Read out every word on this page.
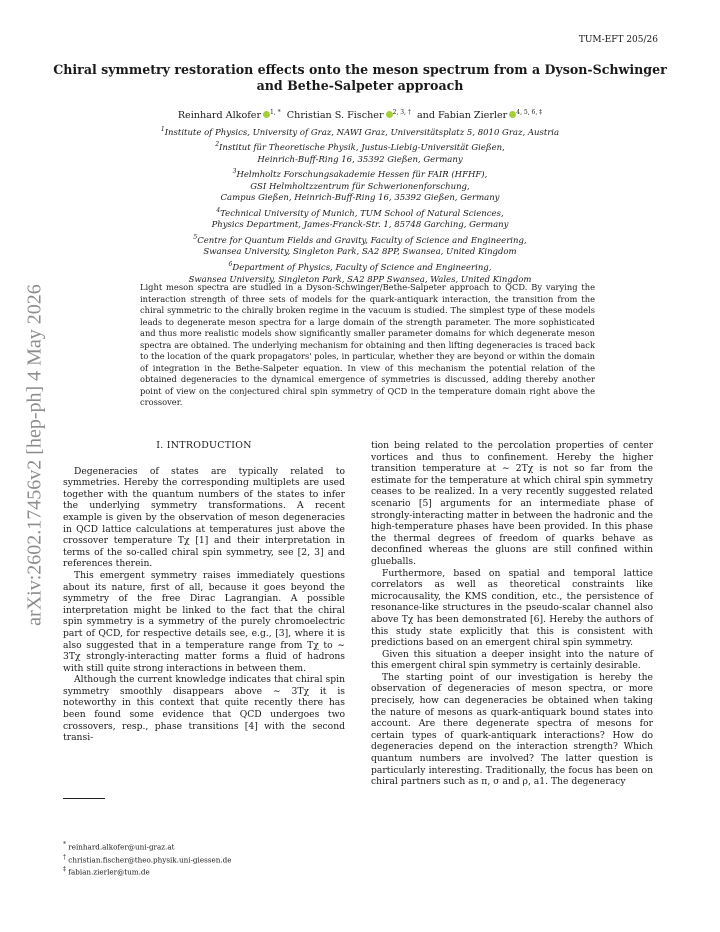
TUM-EFT 205/26
Chiral symmetry restoration effects onto the meson spectrum from a Dyson-Schwinger
and Bethe-Salpeter approach
Reinhard Alkofer $^{1, *}$ Christian S. Fischer $^{2, 3, \dagger}$ and Fabian Zierler $^{4, 5, 6, \ddagger}$
$^1$Institute of Physics, University of Graz, NAWI Graz, Universitätsplatz 5, 8010 Graz, Austria
$^2$Institut für Theoretische Physik, Justus-Liebig-Universität Gießen,
Heinrich-Buff-Ring 16, 35392 Gießen, Germany
$^3$Helmholtz Forschungsakademie Hessen für FAIR (HFHF),
GSI Helmholtzzentrum für Schwerionenforschung,
Campus Gießen, Heinrich-Buff-Ring 16, 35392 Gießen, Germany
$^4$Technical University of Munich, TUM School of Natural Sciences,
Physics Department, James-Franck-Str. 1, 85748 Garching, Germany
$^5$Centre for Quantum Fields and Gravity, Faculty of Science and Engineering,
Swansea University, Singleton Park, SA2 8PP, Swansea, United Kingdom
$^6$Department of Physics, Faculty of Science and Engineering,
Swansea University, Singleton Park, SA2 8PP Swansea, Wales, United Kingdom
Light meson spectra are studied in a Dyson-Schwinger/Bethe-Salpeter approach to QCD. By varying the interaction strength of three sets of models for the quark-antiquark interaction, the transition from the chiral symmetric to the chirally broken regime in the vacuum is studied. The simplest type of these models leads to degenerate meson spectra for a large domain of the strength parameter. The more sophisticated and thus more realistic models show significantly smaller parameter domains for which degenerate meson spectra are obtained. The underlying mechanism for obtaining and then lifting degeneracies is traced back to the location of the quark propagators' poles, in particular, whether they are beyond or within the domain of integration in the Bethe-Salpeter equation. In view of this mechanism the potential relation of the obtained degeneracies to the dynamical emergence of symmetries is discussed, adding thereby another point of view on the conjectured chiral spin symmetry of QCD in the temperature domain right above the crossover.
arXiv:2602.17456v2 [hep-ph] 4 May 2026	I. INTRODUCTION

Degeneracies of states are typically related to symmetries. Hereby the corresponding multiplets are used together with the quantum numbers of the states to infer the underlying symmetry transformations. A recent example is given by the observation of meson degeneracies in QCD lattice calculations at temperatures just above the crossover temperature Tχ [1] and their interpretation in terms of the so-called chiral spin symmetry, see [2, 3] and references therein.

This emergent symmetry raises immediately questions about its nature, first of all, because it goes beyond the symmetry of the free Dirac Lagrangian. A possible interpretation might be linked to the fact that the chiral spin symmetry is a symmetry of the purely chromoelectric part of QCD, for respective details see, e.g., [3], where it is also suggested that in a temperature range from Tχ to ∼ 3Tχ strongly-interacting matter forms a fluid of hadrons with still quite strong interactions in between them.

Although the current knowledge indicates that chiral spin symmetry smoothly disappears above ∼ 3Tχ it is noteworthy in this context that quite recently there has been found some evidence that QCD undergoes two crossovers, resp., phase transitions [4] with the second transi-

tion being related to the percolation properties of center vortices and thus to confinement. Hereby the higher transition temperature at ∼ 2Tχ is not so far from the estimate for the temperature at which chiral spin symmetry ceases to be realized. In a very recently suggested related scenario [5] arguments for an intermediate phase of strongly-interacting matter in between the hadronic and the high-temperature phases have been provided. In this phase the thermal degrees of freedom of quarks behave as deconfined whereas the gluons are still confined within glueballs.

Furthermore, based on spatial and temporal lattice correlators as well as theoretical constraints like microcausality, the KMS condition, etc., the persistence of resonance-like structures in the pseudo-scalar channel also above Tχ has been demonstrated [6]. Hereby the authors of this study state explicitly that this is consistent with predictions based on an emergent chiral spin symmetry.

Given this situation a deeper insight into the nature of this emergent chiral spin symmetry is certainly desirable.

The starting point of our investigation is hereby the observation of degeneracies of meson spectra, or more precisely, how can degeneracies be obtained when taking the nature of mesons as quark-antiquark bound states into account. Are there degenerate spectra of mesons for certain types of quark-antiquark interactions? How do degeneracies depend on the interaction strength? Which quantum numbers are involved? The latter question is particularly interesting. Traditionally, the focus has been on chiral partners such as π, σ and ρ, a1. The degeneracy

* reinhard.alkofer@uni-graz.at
† christian.fischer@theo.physik.uni-giessen.de
‡ fabian.zierler@tum.de
